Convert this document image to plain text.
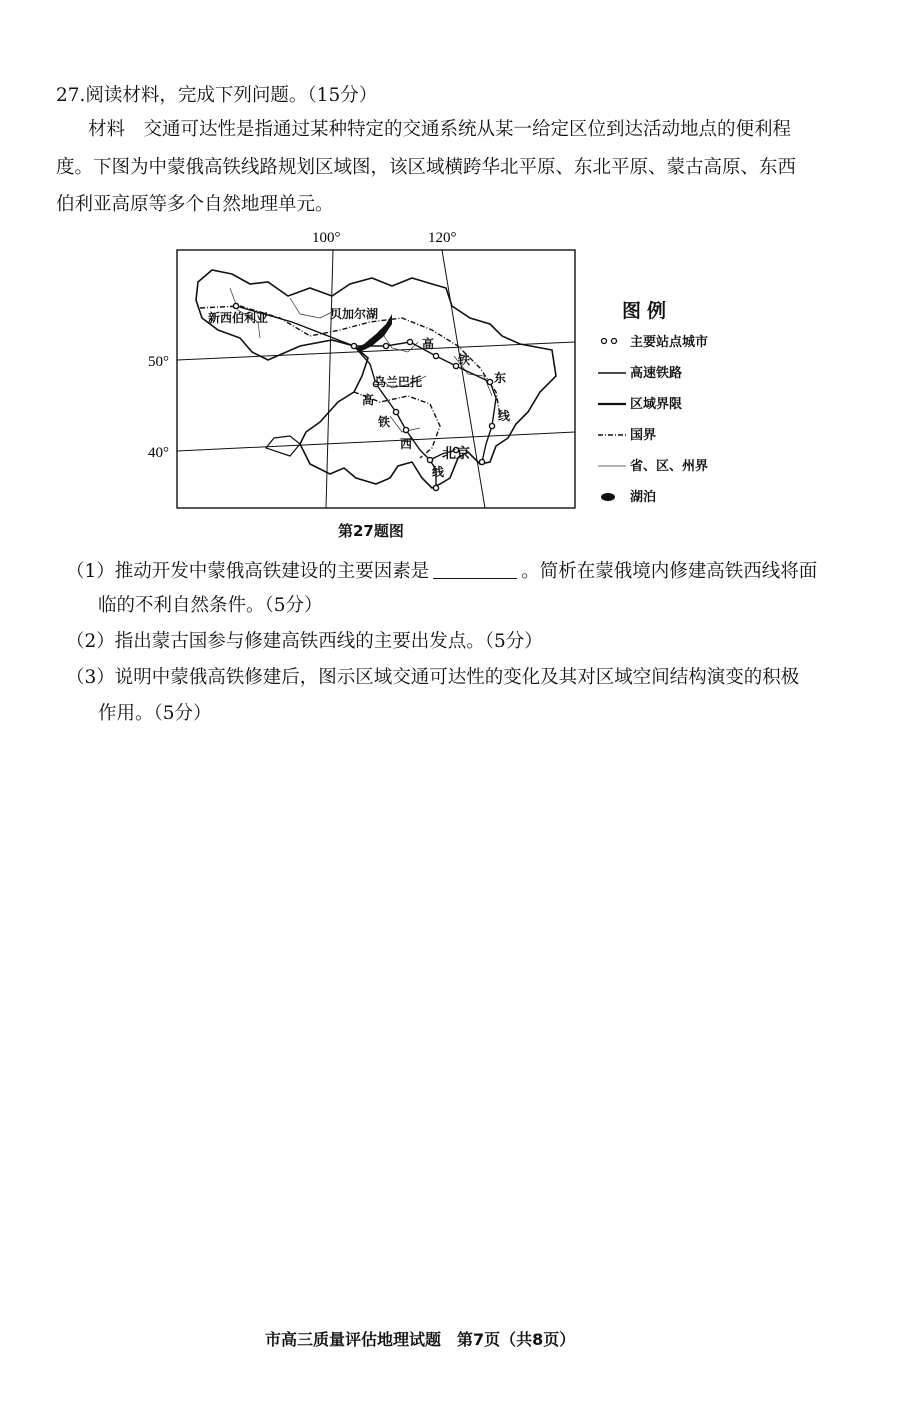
27.阅读材料，完成下列问题。（15分）
材料　交通可达性是指通过某种特定的交通系统从某一给定区位到达活动地点的便利程
度。下图为中蒙俄高铁线路规划区域图，该区域横跨华北平原、东北平原、蒙古高原、东西
伯利亚高原等多个自然地理单元。
100°	120°
50°
40°
新西伯利亚	贝加尔湖
乌兰巴托
北京
高
铁
东
线
高
铁
西
线
图例
主要站点城市
高速铁路
区域界限
国界
省、区、州界
湖泊
第27题图
（1）推动开发中蒙俄高铁建设的主要因素是	。简析在蒙俄境内修建高铁西线将面
临的不利自然条件。（5分）
（2）指出蒙古国参与修建高铁西线的主要出发点。（5分）
（3）说明中蒙俄高铁修建后，图示区域交通可达性的变化及其对区域空间结构演变的积极
作用。（5分）
市高三质量评估地理试题　第7页（共8页）
